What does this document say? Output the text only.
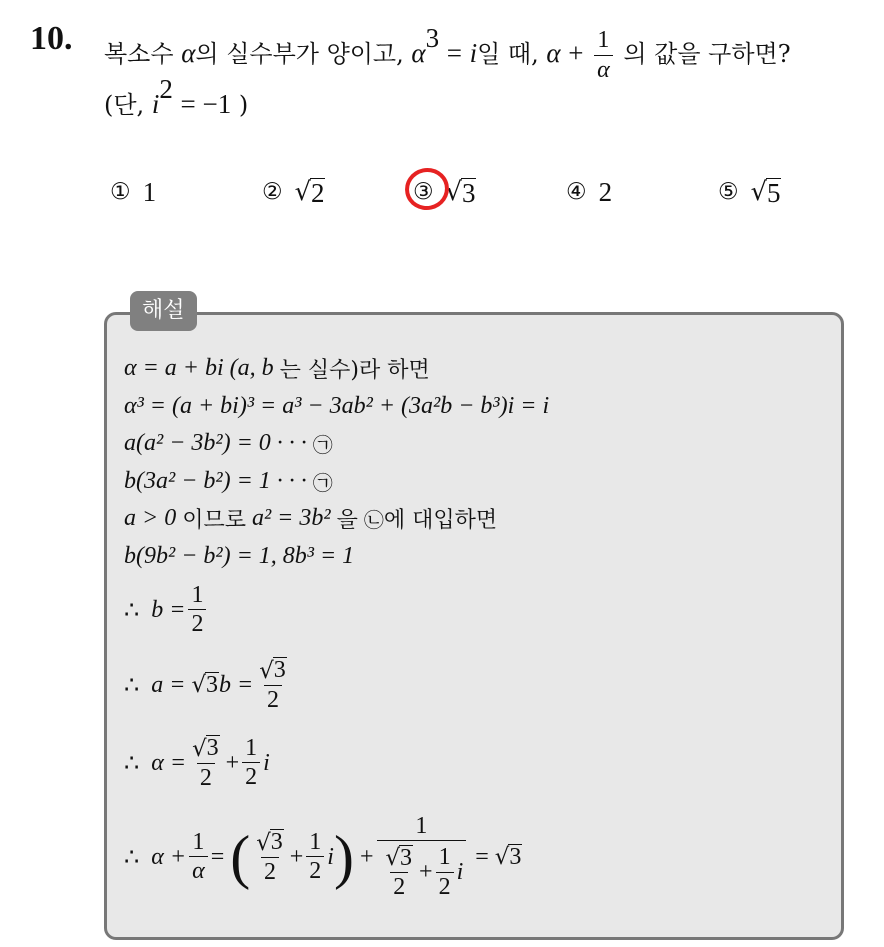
10. 복소수 α의 실수부가 양이고, $\alpha^3 = i$일 때, $\alpha + \frac{1}{\alpha}$ 의 값을 구하면?
(단, $i^2 = -1$ )
① 1	② √ 2	③ √ 3	④ 2	⑤ √ 5
해설
α = a + bi (a, b
는 실수)라 하면
α³ = (a + bi)³ = a³ − 3ab² + (3a²b − b³)i = i
a(a² − 3b²) = 0 · · ·
㉠
b(3a² − b²) = 1 · · ·
㉠
a > 0
이므로
a² = 3b²
을
㉡ 에 대입하면
b(9b² − b²) = 1, 8b³ = 1
∴
$b = \frac{1}{2}$
∴
a =
√ 3 $b = \frac{√ 3}{2}$
∴
$\alpha = \frac{√ 3}{2} + \frac{1}{2}$ i
∴
$\alpha + \frac{1}{\alpha}$ =
( $\frac{√ 3}{2} + \frac{1}{2}$ i )
+ $\frac{1}{\frac{√ 3}{2} + \frac{1}{2} i}$
=
√ 3
